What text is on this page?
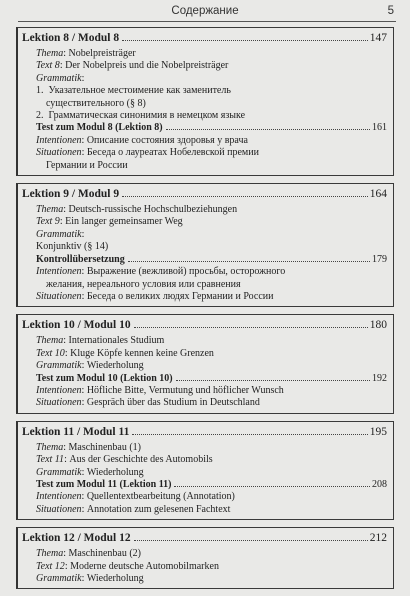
Содержание	5
Lektion 8 / Modul 8	147
Thema : Nobelpreisträger
Text 8 : Der Nobelpreis und die Nobelpreisträger
Grammatik :
1.
Указательное местоимение как заменитель
существительного (§ 8)
2.
Грамматическая синонимия в немецком языке
Test zum Modul 8 (Lektion 8)	161
Intentionen : Описание состояния здоровья у врача
Situationen : Беседа о лауреатах Нобелевской премии
Германии и России
Lektion 9 / Modul 9	164
Thema : Deutsch-russische Hochschulbeziehungen
Text 9 : Ein langer gemeinsamer Weg
Grammatik :
Konjunktiv (§ 14)
Kontrollübersetzung	179
Intentionen : Выражение (вежливой) просьбы, осторожного
желания, нереального условия или сравнения
Situationen : Беседа о великих людях Германии и России
Lektion 10 / Modul 10	180
Thema : Internationales Studium
Text 10 : Kluge Köpfe kennen keine Grenzen
Grammatik : Wiederholung
Test zum Modul 10 (Lektion 10)	192
Intentionen : Höfliche Bitte, Vermutung und höflicher Wunsch
Situationen : Gespräch über das Studium in Deutschland
Lektion 11 / Modul 11	195
Thema : Maschinenbau (1)
Text 11 : Aus der Geschichte des Automobils
Grammatik : Wiederholung
Test zum Modul 11 (Lektion 11)	208
Intentionen : Quellentextbearbeitung (Annotation)
Situationen : Annotation zum gelesenen Fachtext
Lektion 12 / Modul 12	212
Thema : Maschinenbau (2)
Text 12 : Moderne deutsche Automobilmarken
Grammatik : Wiederholung
